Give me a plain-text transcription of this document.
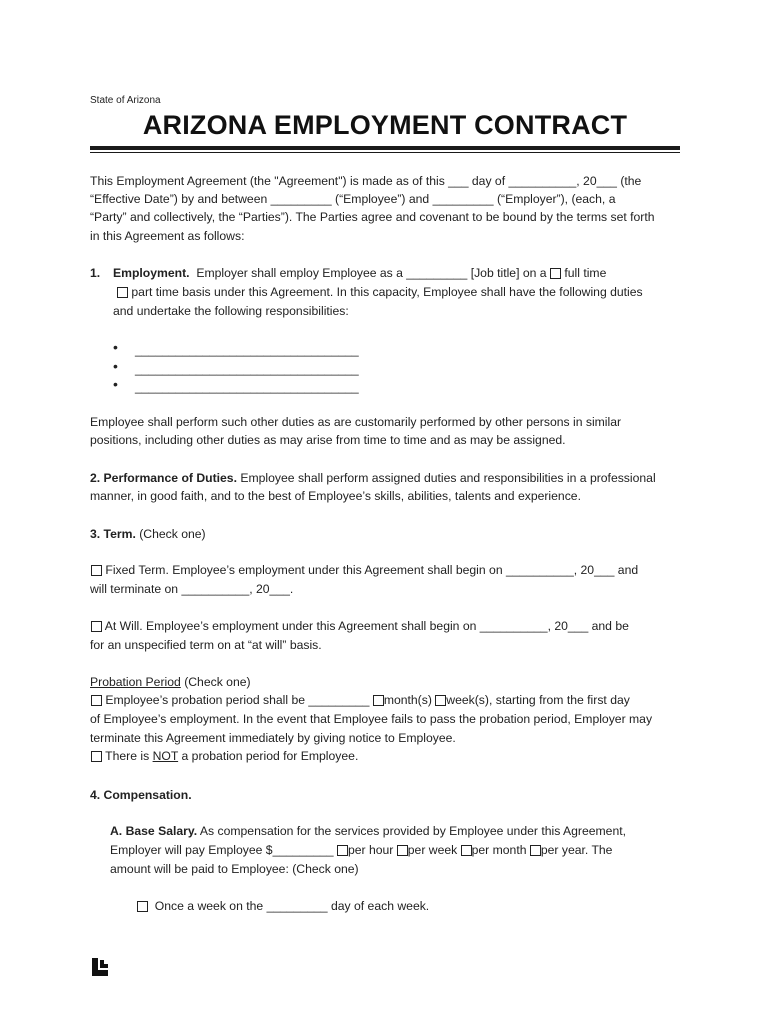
State of Arizona
ARIZONA EMPLOYMENT CONTRACT
This Employment Agreement (the "Agreement") is made as of this ___ day of __________, 20___ (the
“Effective Date”) by and between _________ (“Employee”) and _________ (“Employer”), (each, a
“Party” and collectively, the “Parties”). The Parties agree and covenant to be bound by the terms set forth
in this Agreement as follows:
1. Employment. Employer shall employ Employee as a _________ [Job title] on a full time
part time basis under this Agreement. In this capacity, Employee shall have the following duties
and undertake the following responsibilities:
• _________________________________
• _________________________________
• _________________________________
Employee shall perform such other duties as are customarily performed by other persons in similar
positions, including other duties as may arise from time to time and as may be assigned.
2. Performance of Duties. Employee shall perform assigned duties and responsibilities in a professional
manner, in good faith, and to the best of Employee’s skills, abilities, talents and experience.
3. Term. (Check one)
Fixed Term. Employee’s employment under this Agreement shall begin on __________, 20___ and
will terminate on __________, 20___.
At Will. Employee’s employment under this Agreement shall begin on __________, 20___ and be
for an unspecified term on at “at will” basis.
Probation Period (Check one)
Employee’s probation period shall be _________ month(s) week(s), starting from the first day
of Employee’s employment. In the event that Employee fails to pass the probation period, Employer may
terminate this Agreement immediately by giving notice to Employee.
There is NOT a probation period for Employee.
4. Compensation.
A. Base Salary. As compensation for the services provided by Employee under this Agreement,
Employer will pay Employee $_________ per hour per week per month per year. The
amount will be paid to Employee: (Check one)
Once a week on the _________ day of each week.
